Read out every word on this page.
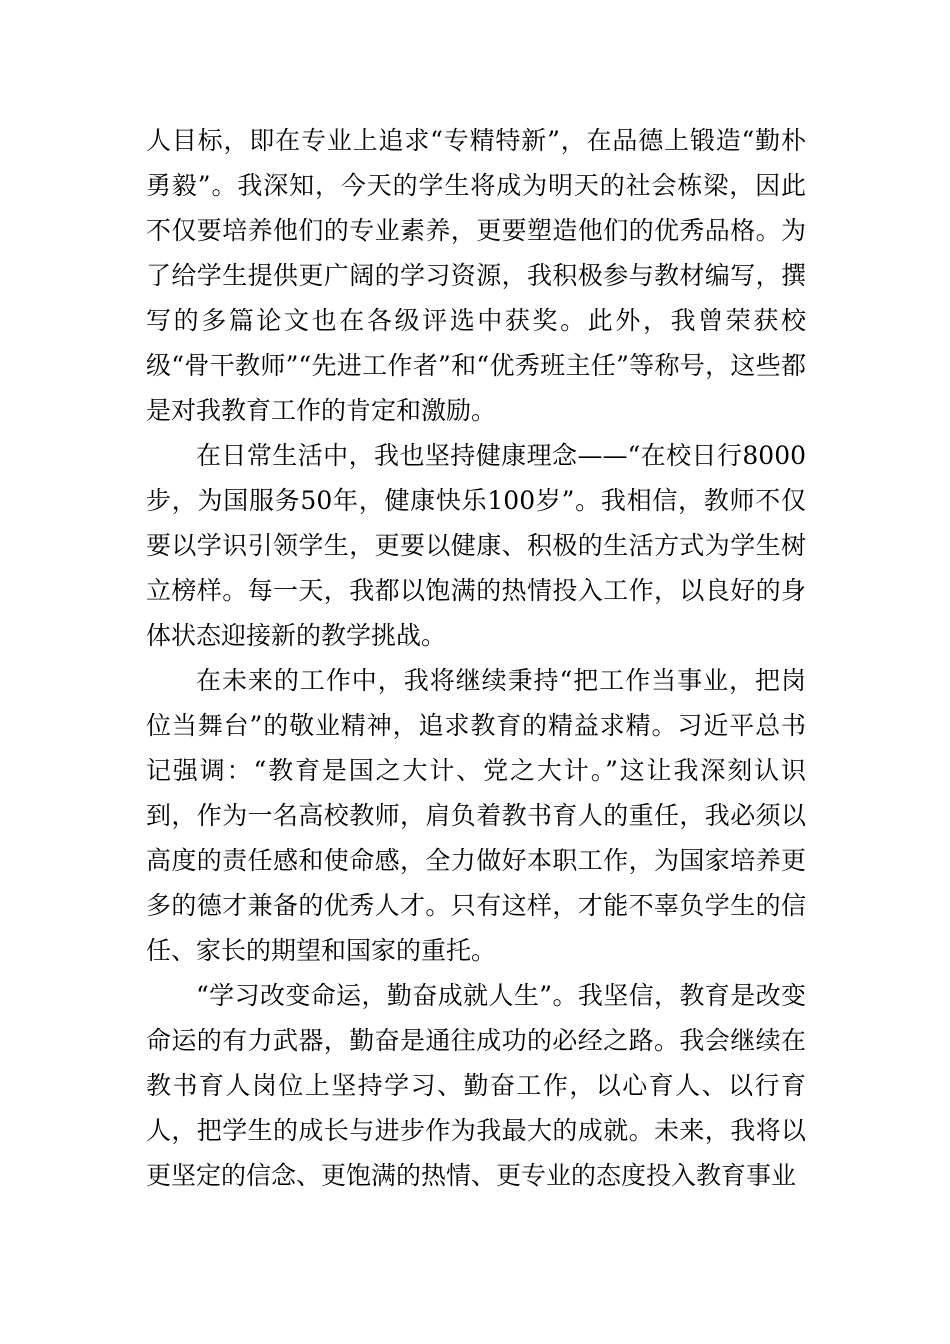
人目标，即在专业上追求“专精特新”，在品德上锻造“勤朴勇毅”。我深知，今天的学生将成为明天的社会栋梁，因此不仅要培养他们的专业素养，更要塑造他们的优秀品格。为了给学生提供更广阔的学习资源，我积极参与教材编写，撰写的多篇论文也在各级评选中获奖。此外，我曾荣获校级“骨干教师”“先进工作者”和“优秀班主任”等称号，这些都是对我教育工作的肯定和激励。

在日常生活中，我也坚持健康理念——“在校日行8000步，为国服务50年，健康快乐100岁”。我相信，教师不仅要以学识引领学生，更要以健康、积极的生活方式为学生树立榜样。每一天，我都以饱满的热情投入工作，以良好的身体状态迎接新的教学挑战。

在未来的工作中，我将继续秉持“把工作当事业，把岗位当舞台”的敬业精神，追求教育的精益求精。习近平总书记强调：“教育是国之大计、党之大计。”这让我深刻认识到，作为一名高校教师，肩负着教书育人的重任，我必须以高度的责任感和使命感，全力做好本职工作，为国家培养更多的德才兼备的优秀人才。只有这样，才能不辜负学生的信任、家长的期望和国家的重托。

“学习改变命运，勤奋成就人生”。我坚信，教育是改变命运的有力武器，勤奋是通往成功的必经之路。我会继续在教书育人岗位上坚持学习、勤奋工作，以心育人、以行育人，把学生的成长与进步作为我最大的成就。未来，我将以更坚定的信念、更饱满的热情、更专业的态度投入教育事业
